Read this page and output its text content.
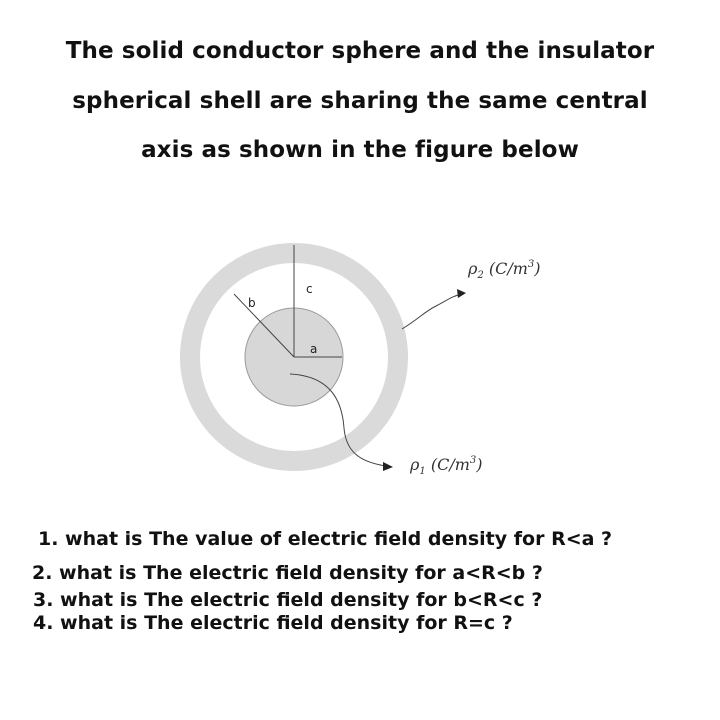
The solid conductor sphere and the insulator
spherical shell are sharing the same central
axis as shown in the figure below
b
c
a
$\rho_2$ $(C/m^3)$
$\rho_1$ $(C/m^3)$
1. what is The value of electric field density for R<a ?
2. what is The electric field density for a<R<b ?
3. what is The electric field density for b<R<c ?
4. what is The electric field density for R=c ?
